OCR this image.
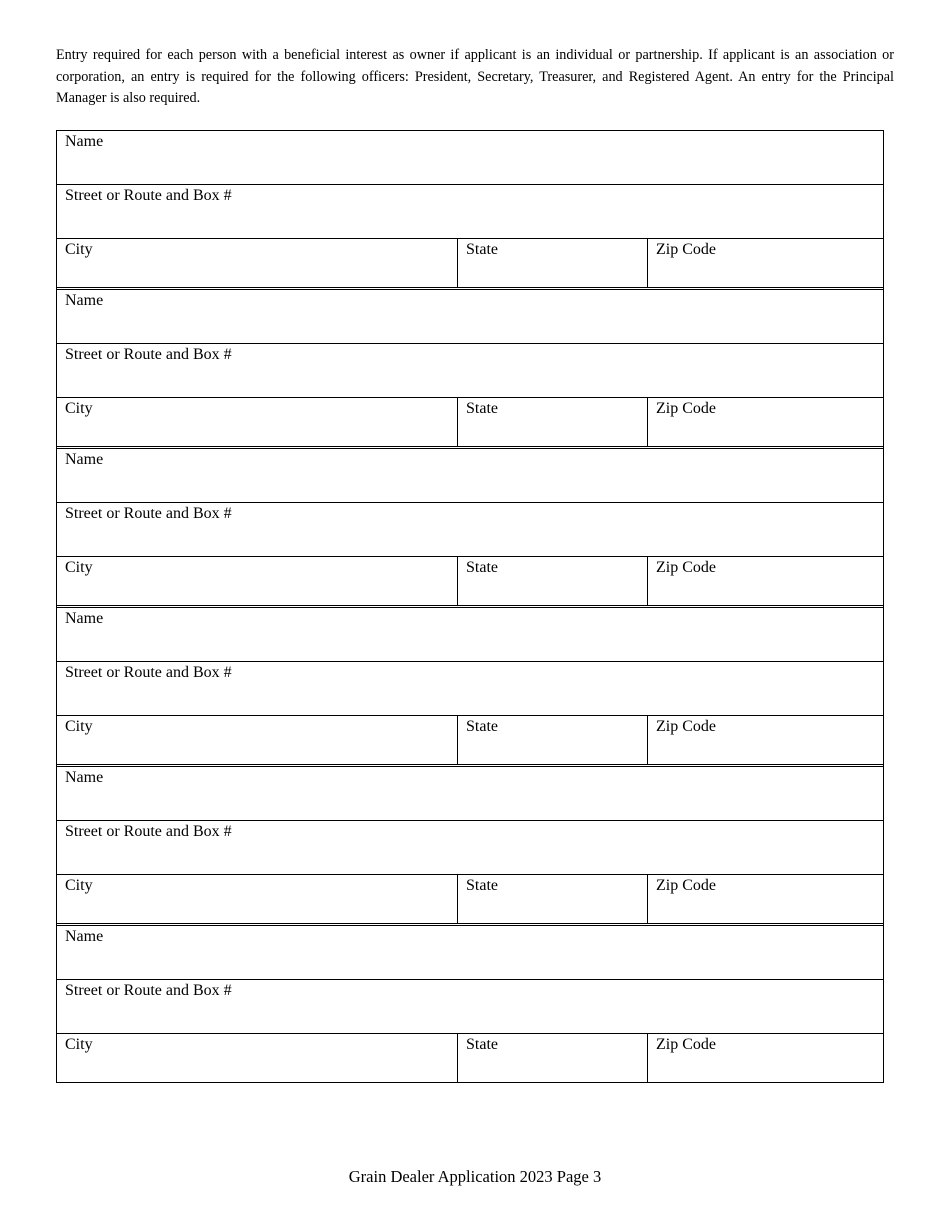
Entry required for each person with a beneficial interest as owner if applicant is an individual or partnership. If applicant is an association or corporation, an entry is required for the following officers: President, Secretary, Treasurer, and Registered Agent. An entry for the Principal Manager is also required.

Name
Street or Route and Box #
City	State	Zip Code
Name
Street or Route and Box #
City	State	Zip Code
Name
Street or Route and Box #
City	State	Zip Code
Name
Street or Route and Box #
City	State	Zip Code
Name
Street or Route and Box #
City	State	Zip Code
Name
Street or Route and Box #
City	State	Zip Code
Grain Dealer Application 2023 Page 3
